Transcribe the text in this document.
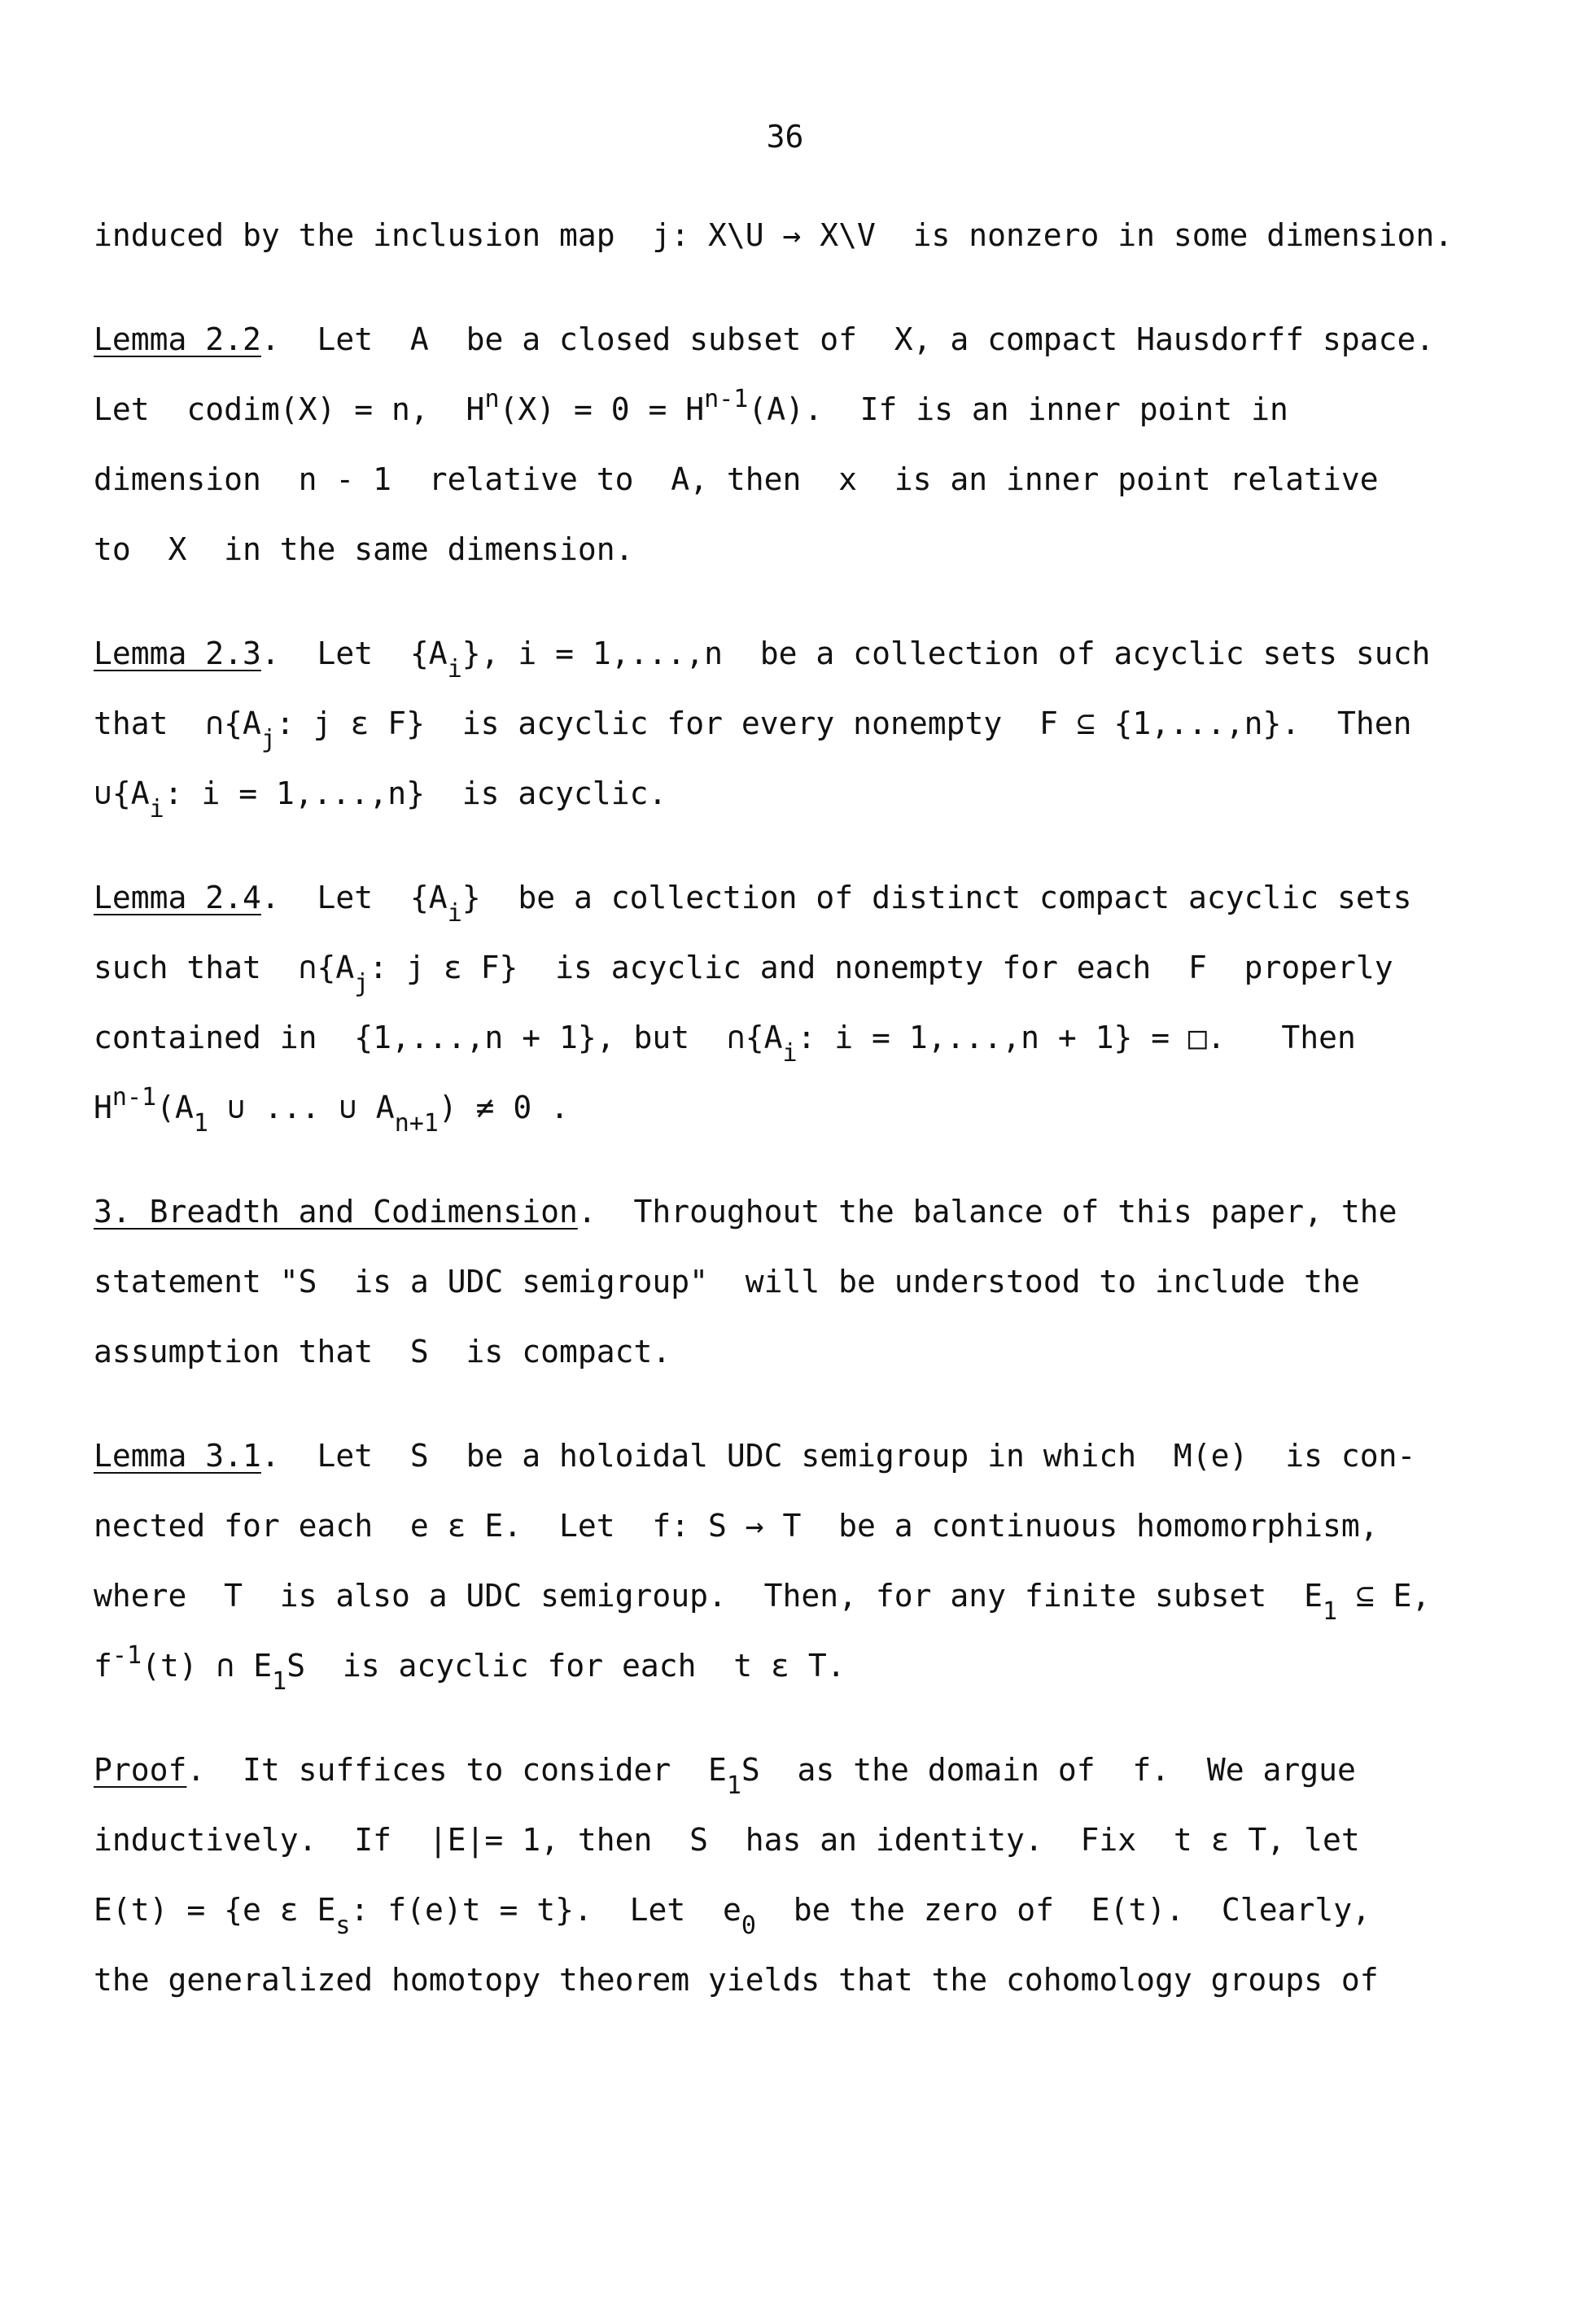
36
induced by the inclusion map  j: X\U → X\V  is nonzero in some dimension.
Lemma 2.2.  Let  A  be a closed subset of  X, a compact Hausdorff space.
Let  codim(X) = n,  $H^n(X) = 0 = H^{n-1}(A)$.  If is an inner point in
dimension  n - 1  relative to  A, then  x  is an inner point relative
to  X  in the same dimension.
Lemma 2.3.  Let  $\{A_i\}$, i = 1,...,n  be a collection of acyclic sets such
that  $\cap\{A_j$: j ε F}  is acyclic for every nonempty  F ⊆ {1,...,n}.  Then
$\cup\{A_i$: i = 1,...,n}  is acyclic.
Lemma 2.4.  Let  $\{A_i\}$  be a collection of distinct compact acyclic sets
such that  $\cap\{A_j$: j ε F}  is acyclic and nonempty for each  F  properly
contained in  {1,...,n + 1}, but  $\cap\{A_i$: i = 1,...,n + 1} = □.   Then
$H^{n-1}(A_1$ ∪ ... ∪ $A_{n+1}) \ne 0$ .
3. Breadth and Codimension.  Throughout the balance of this paper, the
statement "S  is a UDC semigroup"  will be understood to include the
assumption that  S  is compact.
Lemma 3.1.  Let  S  be a holoidal UDC semigroup in which  M(e)  is con-
nected for each  e ε E.  Let  f: S → T  be a continuous homomorphism,
where  T  is also a UDC semigroup.  Then, for any finite subset  $E_1$ ⊆ E,
$f^{-1}(t)$ ∩ $E_1S$  is acyclic for each  t ε T.
Proof.  It suffices to consider  $E_1S$  as the domain of  f.  We argue
inductively.  If  |E|= 1, then  S  has an identity.  Fix  t ε T, let
E(t) = {e ε $E_s$: f(e)t = t}.  Let  $e_0$  be the zero of  E(t).  Clearly,
the generalized homotopy theorem yields that the cohomology groups of
